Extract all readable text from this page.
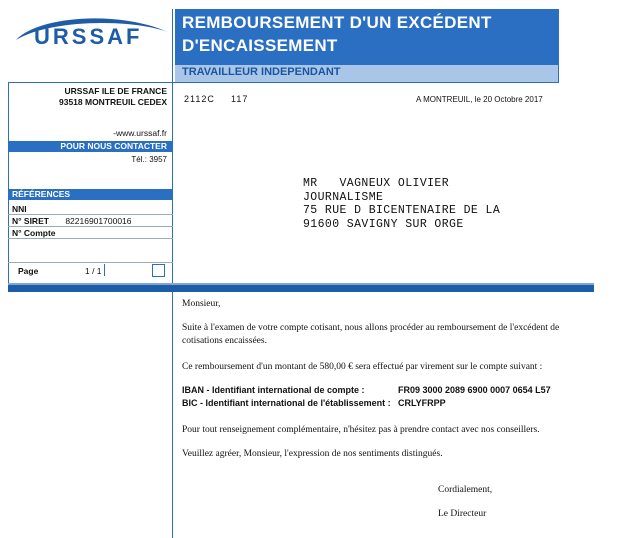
URSSAF
REMBOURSEMENT D'UN EXCÉDENT
D'ENCAISSEMENT
TRAVAILLEUR INDEPENDANT
URSSAF ILE DE FRANCE
93518 MONTREUIL CEDEX
-www.urssaf.fr
POUR NOUS CONTACTER
Tél.: 3957
RÉFÉRENCES
NNI
N° SIRET 82216901700016
N° Compte
Page	1 / 1
2112C 117	A MONTREUIL, le 20 Octobre 2017
MR   VAGNEUX OLIVIER
JOURNALISME
75 RUE D BICENTENAIRE DE LA
91600 SAVIGNY SUR ORGE
Monsieur,
Suite à l'examen de votre compte cotisant, nous allons procéder au remboursement de l'excédent de cotisations encaissées.
Ce remboursement d'un montant de 580,00 € sera effectué par virement sur le compte suivant :
IBAN - Identifiant international de compte :	FR09 3000 2089 6900 0007 0654 L57
BIC - Identifiant international de l'établissement : CRLYFRPP
Pour tout renseignement complémentaire, n'hésitez pas à prendre contact avec nos conseillers.
Veuillez agréer, Monsieur, l'expression de nos sentiments distingués.
Cordialement,
Le Directeur
